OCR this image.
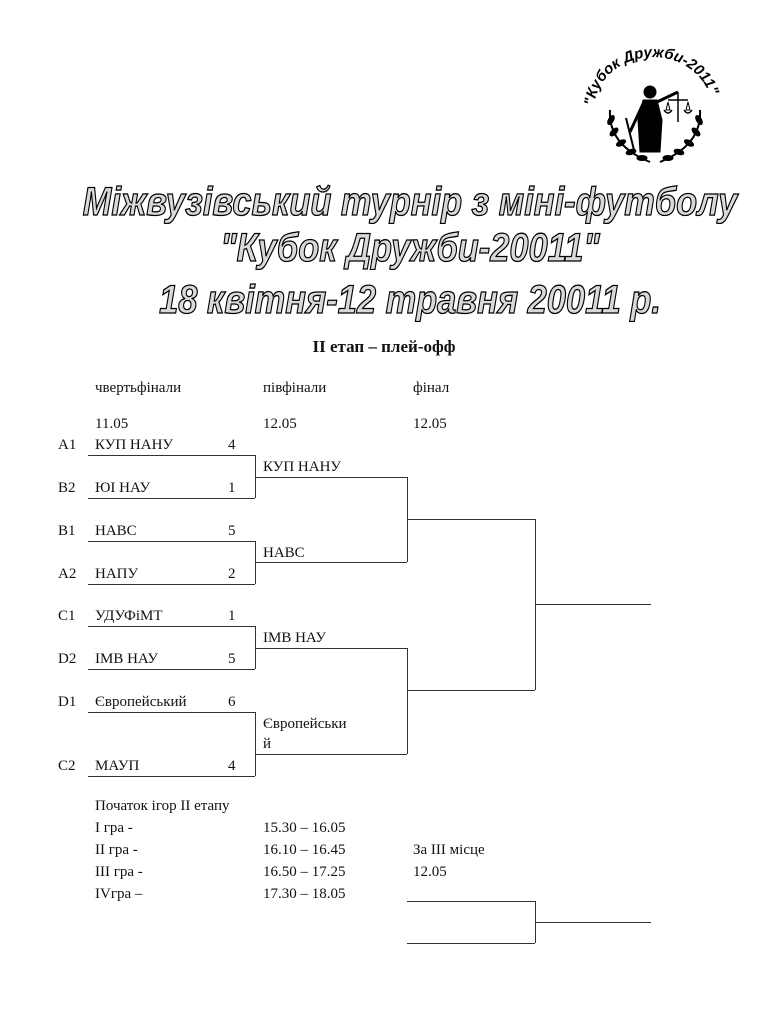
"Кубок Дружби-2011"
Міжвузівський турнір з міні-футболу
"Кубок Дружби-20011"
18 квітня-12 травня 20011 р.
ІІ етап – плей-офф
чвертьфінали	півфінали	фінал
11.05	12.05	12.05
A1 КУП НАНУ	4
B2 ЮІ НАУ	1
B1 НАВС	5
A2 НАПУ	2
C1 УДУФіМТ	1
D2 ІМВ НАУ	5
D1 Європейський	6
C2 МАУП	4
КУП НАНУ
НАВС
ІМВ НАУ
Європейськи
й
Початок ігор ІІ етапу
І гра -	15.30 – 16.05
ІІ гра -	16.10 – 16.45
ІІІ гра -	16.50 – 17.25
ІVгра –	17.30 – 18.05
За ІІІ місце
12.05
